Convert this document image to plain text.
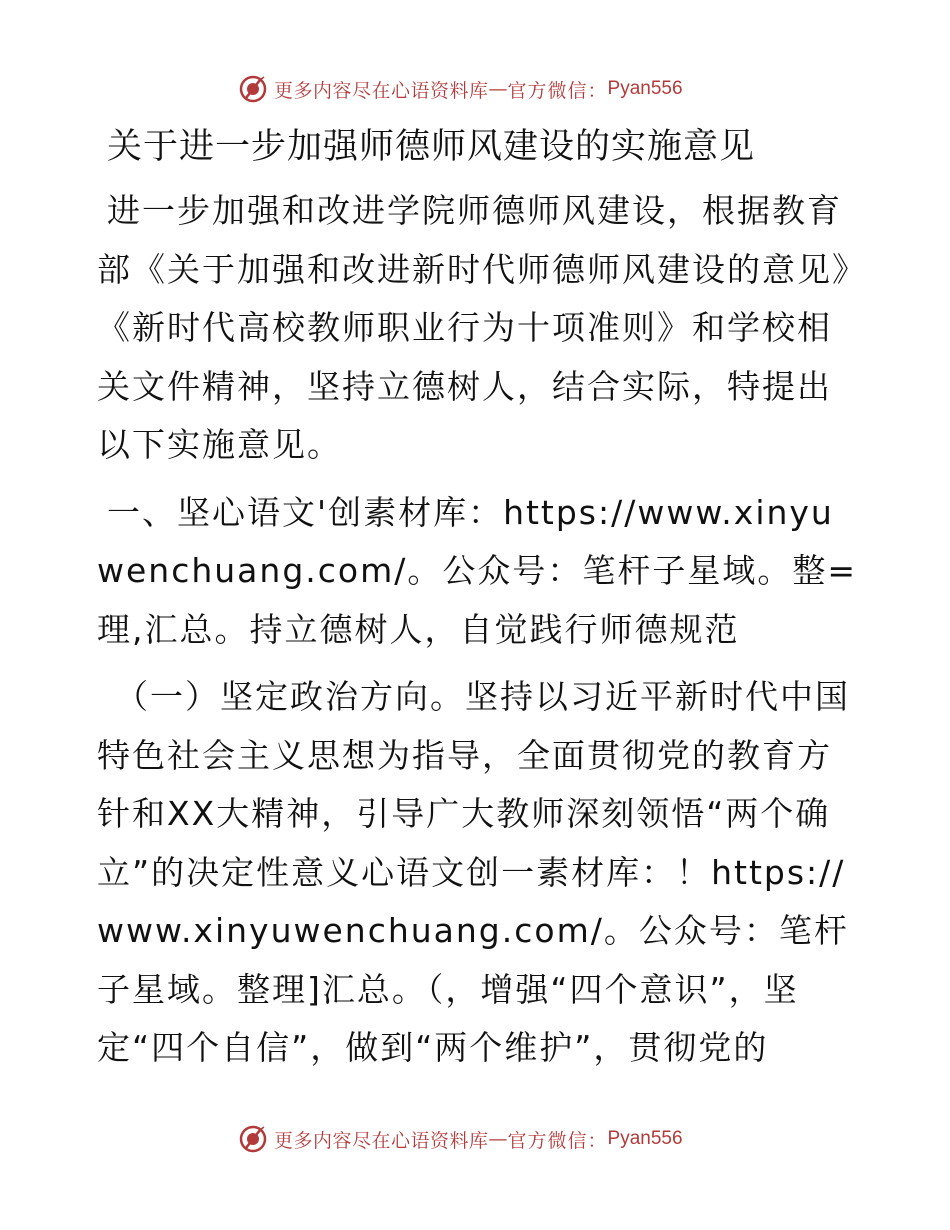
更多内容尽在心语资料库 — 官方微信： Pyan556
关于进一步加强师德师风建设的实施意见

进一步加强和改进学院师德师风建设，根据教育部《关于加强和改进新时代师德师风建设的意见》《新时代高校教师职业行为十项准则》和学校相关文件精神，坚持立德树人，结合实际，特提出以下实施意见。

一、坚心语文'创素材库：https://www.xinyuwenchuang.com/。公众号：笔杆子星域。整=理,汇总。持立德树人，自觉践行师德规范

（一）坚定政治方向。坚持以习近平新时代中国特色社会主义思想为指导，全面贯彻党的教育方针和XX大精神，引导广大教师深刻领悟“两个确立”的决定性意义心语文创一素材库：！https://www.xinyuwenchuang.com/。公众号：笔杆子星域。整理]汇总。（，增强“四个意识”，坚定“四个自信”，做到“两个维护”，贯彻党的

更多内容尽在心语资料库 — 官方微信： Pyan556
